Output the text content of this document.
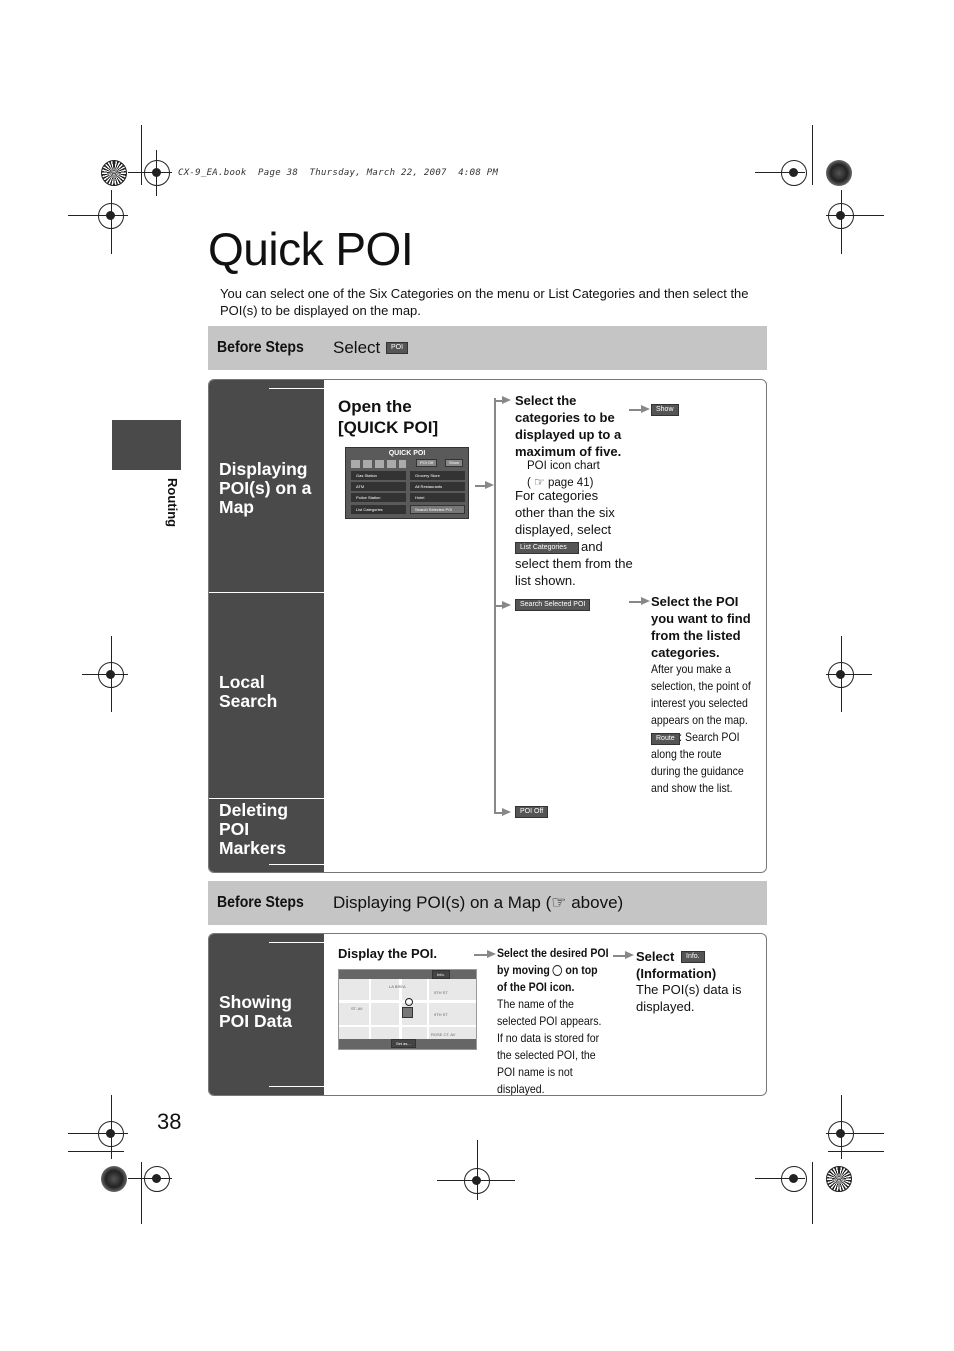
CX-9_EA.book  Page 38  Thursday, March 22, 2007  4:08 PM
Quick POI
You can select one of the Six Categories on the menu or List Categories and then select the POI(s) to be displayed on the map.
Routing
Before Steps Select	POI
Displaying POI(s) on a Map
Local Search
Deleting POI Markers
Open the [QUICK POI]
QUICK POI
POI Off	Show
Gas Station	Grocery Store
ATM	All Restaurants
Police Station	Hotel
List Categories	Search Selected POI
Select the categories to be displayed up to a maximum of five.
POI icon chart
( ☞ page 41)
For categories other than the six displayed, select
List Categories	and select them from the list shown.
Show
Search Selected POI	Select the POI you want to find from the listed categories.
After you make a selection, the point of interest you selected appears on the map.
Route : Search POI along the route during the guidance and show the list.
POI Off
Before Steps Displaying POI(s) on a Map (☞ above)
Showing POI Data
Display the POI.
LA BREA
5TH ST
9TH ST
ST. AV
ROSE CT. AV
Info.
Set as...
Select the desired POI by moving on top of the POI icon.
The name of the selected POI appears.
If no data is stored for the selected POI, the POI name is not displayed.
Select	Info.
(Information)
The POI(s) data is displayed.
38
